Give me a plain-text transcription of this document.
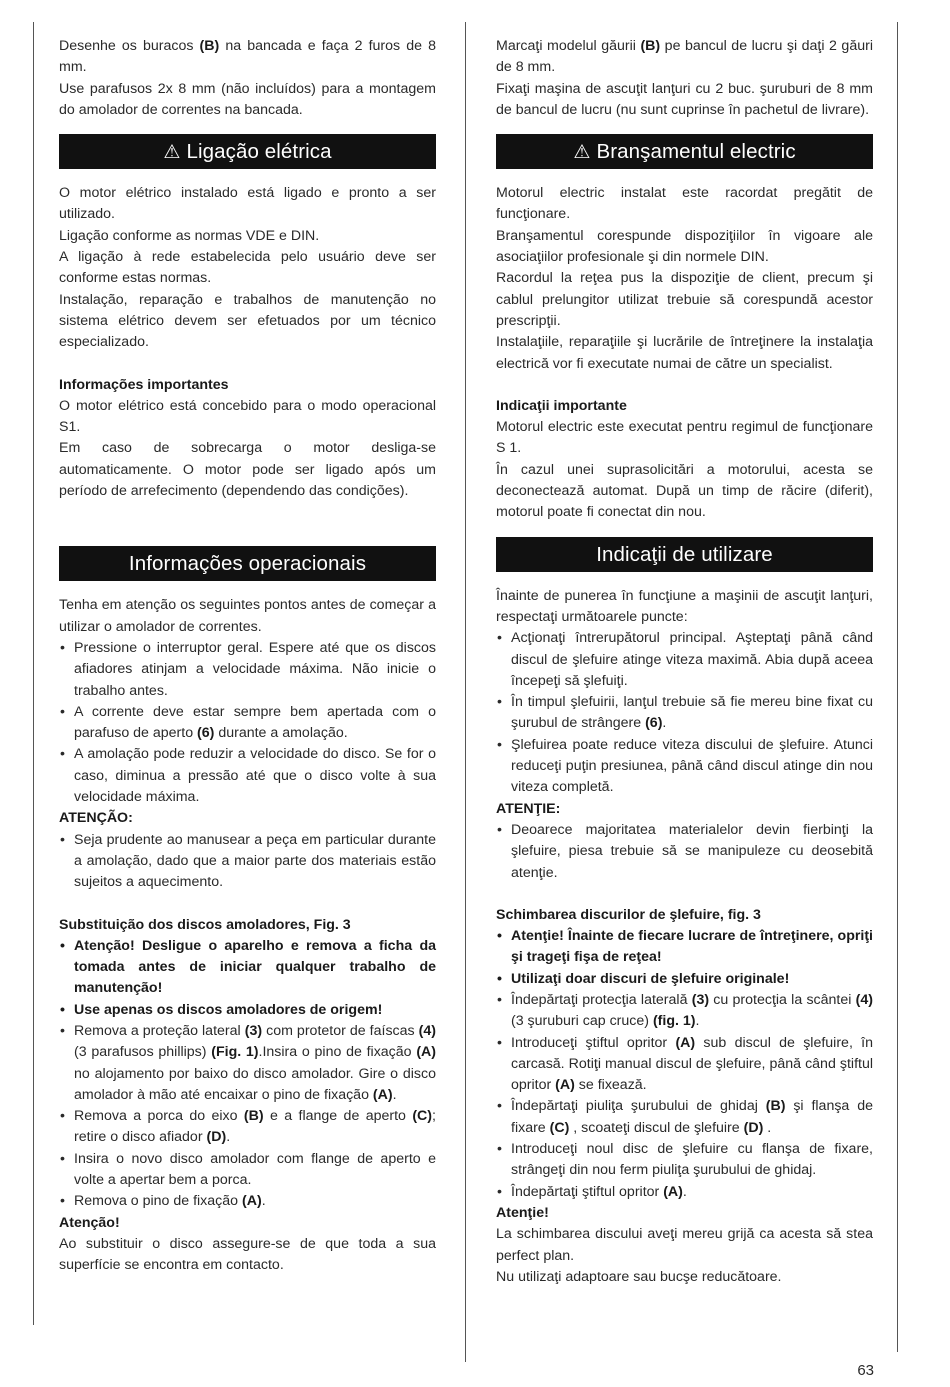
Desenhe os buracos (B) na bancada e faça 2 furos de 8 mm.

Use parafusos 2x 8 mm (não incluídos) para a montagem do amolador de correntes na bancada.

⚠ Ligação elétrica

O motor elétrico instalado está ligado e pronto a ser utilizado.

Ligação conforme as normas VDE e DIN.

A ligação à rede estabelecida pelo usuário deve ser conforme estas normas.

Instalação, reparação e trabalhos de manutenção no sistema elétrico devem ser efetuados por um técnico especializado.

Informações importantes

O motor elétrico está concebido para o modo operacional S1.

Em caso de sobrecarga o motor desliga-se automaticamente. O motor pode ser ligado após um período de arrefecimento (dependendo das condições).

Informações operacionais

Tenha em atenção os seguintes pontos antes de começar a utilizar o amolador de correntes.

• Pressione o interruptor geral. Espere até que os discos afiadores atinjam a velocidade máxima. Não inicie o trabalho antes.
• A corrente deve estar sempre bem apertada com o parafuso de aperto (6) durante a amolação.
• A amolação pode reduzir a velocidade do disco. Se for o caso, diminua a pressão até que o disco volte à sua velocidade máxima.

ATENÇÃO:

• Seja prudente ao manusear a peça em particular durante a amolação, dado que a maior parte dos materiais estão sujeitos a aquecimento.

Substituição dos discos amoladores, Fig. 3

• Atenção! Desligue o aparelho e remova a ficha da tomada antes de iniciar qualquer trabalho de manutenção!
• Use apenas os discos amoladores de origem!
• Remova a proteção lateral (3) com protetor de faíscas (4) (3 parafusos phillips) (Fig. 1).Insira o pino de fixação (A) no alojamento por baixo do disco amolador. Gire o disco amolador à mão até encaixar o pino de fixação (A).
• Remova a porca do eixo (B) e a flange de aperto (C); retire o disco afiador (D).
• Insira o novo disco amolador com flange de aperto e volte a apertar bem a porca.
• Remova o pino de fixação (A).

Atenção!

Ao substituir o disco assegure-se de que toda a sua superfície se encontra em contacto.

Marcaţi modelul găurii (B) pe bancul de lucru şi daţi 2 găuri de 8 mm.

Fixaţi maşina de ascuţit lanţuri cu 2 buc. şuruburi de 8 mm de bancul de lucru (nu sunt cuprinse în pachetul de livrare).

⚠ Branşamentul electric

Motorul electric instalat este racordat pregătit de funcţionare.

Branşamentul corespunde dispoziţiilor în vigoare ale asociaţiilor profesionale şi din normele DIN.

Racordul la reţea pus la dispoziţie de client, precum şi cablul prelungitor utilizat trebuie să corespundă acestor prescripţii.

Instalaţiile, reparaţiile şi lucrările de întreţinere la instalaţia electrică vor fi executate numai de către un specialist.

Indicaţii importante

Motorul electric este executat pentru regimul de funcţionare S 1.

În cazul unei suprasolicitări a motorului, acesta se deconectează automat. După un timp de răcire (diferit), motorul poate fi conectat din nou.

Indicaţii de utilizare

Înainte de punerea în funcţiune a maşinii de ascuţit lanţuri, respectaţi următoarele puncte:

• Acţionaţi întrerupătorul principal. Aşteptaţi până când discul de şlefuire atinge viteza maximă. Abia după aceea începeţi să şlefuiţi.
• În timpul şlefuirii, lanţul trebuie să fie mereu bine fixat cu şurubul de strângere (6).
• Şlefuirea poate reduce viteza discului de şlefuire. Atunci reduceţi puţin presiunea, până când discul atinge din nou viteza completă.

ATENŢIE:

• Deoarece majoritatea materialelor devin fierbinţi la şlefuire, piesa trebuie să se manipuleze cu deosebită atenţie.

Schimbarea discurilor de şlefuire, fig. 3

• Atenţie! Înainte de fiecare lucrare de întreţinere, opriţi şi trageţi fişa de reţea!
• Utilizaţi doar discuri de şlefuire originale!
• Îndepărtaţi protecţia laterală (3) cu protecţia la scântei (4) (3 şuruburi cap cruce) (fig. 1).
• Introduceţi ştiftul opritor (A) sub discul de şlefuire, în carcasă. Rotiţi manual discul de şlefuire, până când ştiftul opritor (A) se fixează.
• Îndepărtaţi piuliţa şurubului de ghidaj (B) şi flanşa de fixare (C) , scoateţi discul de şlefuire (D) .
• Introduceţi noul disc de şlefuire cu flanşa de fixare, strângeţi din nou ferm piuliţa şurubului de ghidaj.
• Îndepărtaţi ştiftul opritor (A).

Atenţie!

La schimbarea discului aveţi mereu grijă ca acesta să stea perfect plan.

Nu utilizaţi adaptoare sau bucşe reducătoare.

63
